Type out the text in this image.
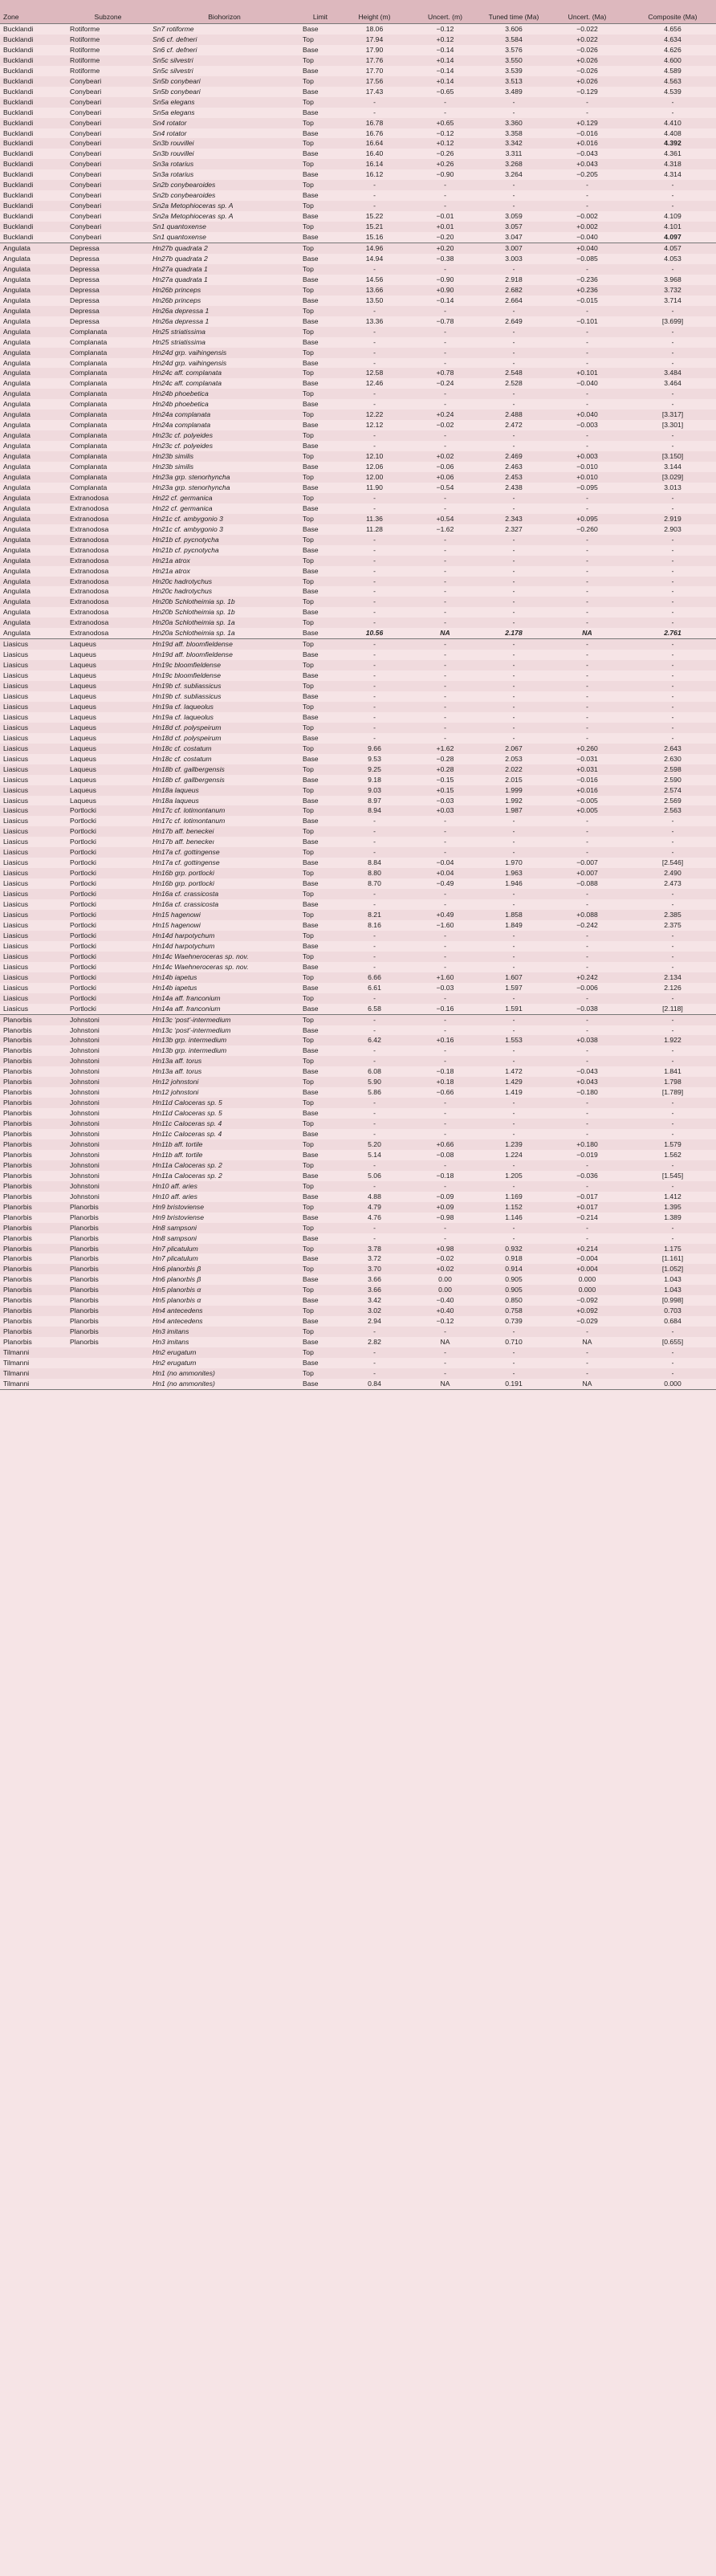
Zone	Subzone	Biohorizon	Limit	Height (m)	Uncert. (m)	Tuned time (Ma)	Uncert. (Ma)	Composite (Ma)
Bucklandi	Rotiforme	Sn7 rotiforme	Base	18.06	−0.12	3.606	−0.022	4.656
Bucklandi	Rotiforme	Sn6 cf. defneri	Top	17.94	+0.12	3.584	+0.022	4.634
Bucklandi	Rotiforme	Sn6 cf. defneri	Base	17.90	−0.14	3.576	−0.026	4.626
Bucklandi	Rotiforme	Sn5c silvestri	Top	17.76	+0.14	3.550	+0.026	4.600
Bucklandi	Rotiforme	Sn5c silvestri	Base	17.70	−0.14	3.539	−0.026	4.589
Bucklandi	Conybeari	Sn5b conybeari	Top	17.56	+0.14	3.513	+0.026	4.563
Bucklandi	Conybeari	Sn5b conybeari	Base	17.43	−0.65	3.489	−0.129	4.539
Bucklandi	Conybeari	Sn5a elegans	Top	-	-	-	-	-
Bucklandi	Conybeari	Sn5a elegans	Base	-	-	-	-	-
Bucklandi	Conybeari	Sn4 rotator	Top	16.78	+0.65	3.360	+0.129	4.410
Bucklandi	Conybeari	Sn4 rotator	Base	16.76	−0.12	3.358	−0.016	4.408
Bucklandi	Conybeari	Sn3b rouvillei	Top	16.64	+0.12	3.342	+0.016	4.392
Bucklandi	Conybeari	Sn3b rouvillei	Base	16.40	−0.26	3.311	−0.043	4.361
Bucklandi	Conybeari	Sn3a rotarius	Top	16.14	+0.26	3.268	+0.043	4.318
Bucklandi	Conybeari	Sn3a rotarius	Base	16.12	−0.90	3.264	−0.205	4.314
Bucklandi	Conybeari	Sn2b conybearoides	Top	-	-	-	-	-
Bucklandi	Conybeari	Sn2b conybearoides	Base	-	-	-	-	-
Bucklandi	Conybeari	Sn2a Metophioceras sp. A	Top	-	-	-	-	-
Bucklandi	Conybeari	Sn2a Metophioceras sp. A	Base	15.22	−0.01	3.059	−0.002	4.109
Bucklandi	Conybeari	Sn1 quantoxense	Top	15.21	+0.01	3.057	+0.002	4.101
Bucklandi	Conybeari	Sn1 quantoxense	Base	15.16	−0.20	3.047	−0.040	4.097
Angulata	Depressa	Hn27b quadrata 2	Top	14.96	+0.20	3.007	+0.040	4.057
Angulata	Depressa	Hn27b quadrata 2	Base	14.94	−0.38	3.003	−0.085	4.053
Angulata	Depressa	Hn27a quadrata 1	Top	-	-	-	-	-
Angulata	Depressa	Hn27a quadrata 1	Base	14.56	−0.90	2.918	−0.236	3.968
Angulata	Depressa	Hn26b princeps	Top	13.66	+0.90	2.682	+0.236	3.732
Angulata	Depressa	Hn26b princeps	Base	13.50	−0.14	2.664	−0.015	3.714
Angulata	Depressa	Hn26a depressa 1	Top	-	-	-	-	-
Angulata	Depressa	Hn26a depressa 1	Base	13.36	−0.78	2.649	−0.101	[3.699]
Angulata	Complanata	Hn25 striatissima	Top	-	-	-	-	-
Angulata	Complanata	Hn25 striatissima	Base	-	-	-	-	-
Angulata	Complanata	Hn24d grp. vaihingensis	Top	-	-	-	-	-
Angulata	Complanata	Hn24d grp. vaihingensis	Base	-	-	-	-	-
Angulata	Complanata	Hn24c aff. complanata	Top	12.58	+0.78	2.548	+0.101	3.484
Angulata	Complanata	Hn24c aff. complanata	Base	12.46	−0.24	2.528	−0.040	3.464
Angulata	Complanata	Hn24b phoebetica	Top	-	-	-	-	-
Angulata	Complanata	Hn24b phoebetica	Base	-	-	-	-	-
Angulata	Complanata	Hn24a complanata	Top	12.22	+0.24	2.488	+0.040	[3.317]
Angulata	Complanata	Hn24a complanata	Base	12.12	−0.02	2.472	−0.003	[3.301]
Angulata	Complanata	Hn23c cf. polyeides	Top	-	-	-	-	-
Angulata	Complanata	Hn23c cf. polyeides	Base	-	-	-	-	-
Angulata	Complanata	Hn23b similis	Top	12.10	+0.02	2.469	+0.003	[3.150]
Angulata	Complanata	Hn23b similis	Base	12.06	−0.06	2.463	−0.010	3.144
Angulata	Complanata	Hn23a grp. stenorhyncha	Top	12.00	+0.06	2.453	+0.010	[3.029]
Angulata	Complanata	Hn23a grp. stenorhyncha	Base	11.90	−0.54	2.438	−0.095	3.013
Angulata	Extranodosa	Hn22 cf. germanica	Top	-	-	-	-	-
Angulata	Extranodosa	Hn22 cf. germanica	Base	-	-	-	-	-
Angulata	Extranodosa	Hn21c cf. ambygonio 3	Top	11.36	+0.54	2.343	+0.095	2.919
Angulata	Extranodosa	Hn21c cf. ambygonio 3	Base	11.28	−1.62	2.327	−0.260	2.903
Angulata	Extranodosa	Hn21b cf. pycnotycha	Top	-	-	-	-	-
Angulata	Extranodosa	Hn21b cf. pycnotycha	Base	-	-	-	-	-
Angulata	Extranodosa	Hn21a atrox	Top	-	-	-	-	-
Angulata	Extranodosa	Hn21a atrox	Base	-	-	-	-	-
Angulata	Extranodosa	Hn20c hadrotychus	Top	-	-	-	-	-
Angulata	Extranodosa	Hn20c hadrotychus	Base	-	-	-	-	-
Angulata	Extranodosa	Hn20b Schlotheimia sp. 1b	Top	-	-	-	-	-
Angulata	Extranodosa	Hn20b Schlotheimia sp. 1b	Base	-	-	-	-	-
Angulata	Extranodosa	Hn20a Schlotheimia sp. 1a	Top	-	-	-	-	-
Angulata	Extranodosa	Hn20a Schlotheimia sp. 1a	Base	10.56	NA	2.178	NA	2.761
Liasicus	Laqueus	Hn19d aff. bloomfieldense	Top	-	-	-	-	-
Liasicus	Laqueus	Hn19d aff. bloomfieldense	Base	-	-	-	-	-
Liasicus	Laqueus	Hn19c bloomfieldense	Top	-	-	-	-	-
Liasicus	Laqueus	Hn19c bloomfieldense	Base	-	-	-	-	-
Liasicus	Laqueus	Hn19b cf. subliassicus	Top	-	-	-	-	-
Liasicus	Laqueus	Hn19b cf. subliassicus	Base	-	-	-	-	-
Liasicus	Laqueus	Hn19a cf. laqueolus	Top	-	-	-	-	-
Liasicus	Laqueus	Hn19a cf. laqueolus	Base	-	-	-	-	-
Liasicus	Laqueus	Hn18d cf. polyspeirum	Top	-	-	-	-	-
Liasicus	Laqueus	Hn18d cf. polyspeirum	Base	-	-	-	-	-
Liasicus	Laqueus	Hn18c cf. costatum	Top	9.66	+1.62	2.067	+0.260	2.643
Liasicus	Laqueus	Hn18c cf. costatum	Base	9.53	−0.28	2.053	−0.031	2.630
Liasicus	Laqueus	Hn18b cf. gallbergensis	Top	9.25	+0.28	2.022	+0.031	2.598
Liasicus	Laqueus	Hn18b cf. gallbergensis	Base	9.18	−0.15	2.015	−0.016	2.590
Liasicus	Laqueus	Hn18a laqueus	Top	9.03	+0.15	1.999	+0.016	2.574
Liasicus	Laqueus	Hn18a laqueus	Base	8.97	−0.03	1.992	−0.005	2.569
Liasicus	Portlocki	Hn17c cf. lotimontanum	Top	8.94	+0.03	1.987	+0.005	2.563
Liasicus	Portlocki	Hn17c cf. lotimontanum	Base	-	-	-	-	-
Liasicus	Portlocki	Hn17b aff. beneckei	Top	-	-	-	-	-
Liasicus	Portlocki	Hn17b aff. beneckeı	Base	-	-	-	-	-
Liasicus	Portlocki	Hn17a cf. gottingense	Top	-	-	-	-	-
Liasicus	Portlocki	Hn17a cf. gottingense	Base	8.84	−0.04	1.970	−0.007	[2.546]
Liasicus	Portlocki	Hn16b grp. portlocki	Top	8.80	+0.04	1.963	+0.007	2.490
Liasicus	Portlocki	Hn16b grp. portlocki	Base	8.70	−0.49	1.946	−0.088	2.473
Liasicus	Portlocki	Hn16a cf. crassicosta	Top	-	-	-	-	-
Liasicus	Portlocki	Hn16a cf. crassicosta	Base	-	-	-	-	-
Liasicus	Portlocki	Hn15 hagenowi	Top	8.21	+0.49	1.858	+0.088	2.385
Liasicus	Portlocki	Hn15 hagenowi	Base	8.16	−1.60	1.849	−0.242	2.375
Liasicus	Portlocki	Hn14d harpotychum	Top	-	-	-	-	-
Liasicus	Portlocki	Hn14d harpotychum	Base	-	-	-	-	-
Liasicus	Portlocki	Hn14c Waehneroceras sp. nov.	Top	-	-	-	-	-
Liasicus	Portlocki	Hn14c Waehneroceras sp. nov.	Base	-	-	-	-	-
Liasicus	Portlocki	Hn14b iapetus	Top	6.66	+1.60	1.607	+0.242	2.134
Liasicus	Portlocki	Hn14b iapetus	Base	6.61	−0.03	1.597	−0.006	2.126
Liasicus	Portlocki	Hn14a aff. franconium	Top	-	-	-	-	-
Liasicus	Portlocki	Hn14a aff. franconium	Base	6.58	−0.16	1.591	−0.038	[2.118]
Planorbis	Johnstoni	Hn13c ‘post’-intermedium	Top	-	-	-	-	-
Planorbis	Johnstoni	Hn13c ‘post’-intermedium	Base	-	-	-	-	-
Planorbis	Johnstoni	Hn13b grp. intermedium	Top	6.42	+0.16	1.553	+0.038	1.922
Planorbis	Johnstoni	Hn13b grp. intermedium	Base	-	-	-	-	-
Planorbis	Johnstoni	Hn13a aff. torus	Top	-	-	-	-	-
Planorbis	Johnstoni	Hn13a aff. torus	Base	6.08	−0.18	1.472	−0.043	1.841
Planorbis	Johnstoni	Hn12 johnstoni	Top	5.90	+0.18	1.429	+0.043	1.798
Planorbis	Johnstoni	Hn12 johnstoni	Base	5.86	−0.66	1.419	−0.180	[1.789]
Planorbis	Johnstoni	Hn11d Caloceras sp. 5	Top	-	-	-	-	-
Planorbis	Johnstoni	Hn11d Caloceras sp. 5	Base	-	-	-	-	-
Planorbis	Johnstoni	Hn11c Caloceras sp. 4	Top	-	-	-	-	-
Planorbis	Johnstoni	Hn11c Caloceras sp. 4	Base	-	-	-	-	-
Planorbis	Johnstoni	Hn11b aff. tortile	Top	5.20	+0.66	1.239	+0.180	1.579
Planorbis	Johnstoni	Hn11b aff. tortile	Base	5.14	−0.08	1.224	−0.019	1.562
Planorbis	Johnstoni	Hn11a Caloceras sp. 2	Top	-	-	-	-	-
Planorbis	Johnstoni	Hn11a Caloceras sp. 2	Base	5.06	−0.18	1.205	−0.036	[1.545]
Planorbis	Johnstoni	Hn10 aff. aries	Top	-	-	-	-	-
Planorbis	Johnstoni	Hn10 aff. aries	Base	4.88	−0.09	1.169	−0.017	1.412
Planorbis	Planorbis	Hn9 bristoviense	Top	4.79	+0.09	1.152	+0.017	1.395
Planorbis	Planorbis	Hn9 bristoviense	Base	4.76	−0.98	1.146	−0.214	1.389
Planorbis	Planorbis	Hn8 sampsoni	Top	-	-	-	-	-
Planorbis	Planorbis	Hn8 sampsoni	Base	-	-	-	-	-
Planorbis	Planorbis	Hn7 plicatulum	Top	3.78	+0.98	0.932	+0.214	1.175
Planorbis	Planorbis	Hn7 plicatulum	Base	3.72	−0.02	0.918	−0.004	[1.161]
Planorbis	Planorbis	Hn6 planorbis β	Top	3.70	+0.02	0.914	+0.004	[1.052]
Planorbis	Planorbis	Hn6 planorbis β	Base	3.66	0.00	0.905	0.000	1.043
Planorbis	Planorbis	Hn5 planorbis α	Top	3.66	0.00	0.905	0.000	1.043
Planorbis	Planorbis	Hn5 planorbis α	Base	3.42	−0.40	0.850	−0.092	[0.998]
Planorbis	Planorbis	Hn4 antecedens	Top	3.02	+0.40	0.758	+0.092	0.703
Planorbis	Planorbis	Hn4 antecedens	Base	2.94	−0.12	0.739	−0.029	0.684
Planorbis	Planorbis	Hn3 imitans	Top	-	-	-	-	-
Planorbis	Planorbis	Hn3 imitans	Base	2.82	NA	0.710	NA	[0.655]
Tilmanni		Hn2 erugatum	Top	-	-	-	-	-
Tilmanni		Hn2 erugatum	Base	-	-	-	-	-
Tilmanni		Hn1 (no ammonites)	Top	-	-	-	-	-
Tilmanni		Hn1 (no ammonites)	Base	0.84	NA	0.191	NA	0.000
